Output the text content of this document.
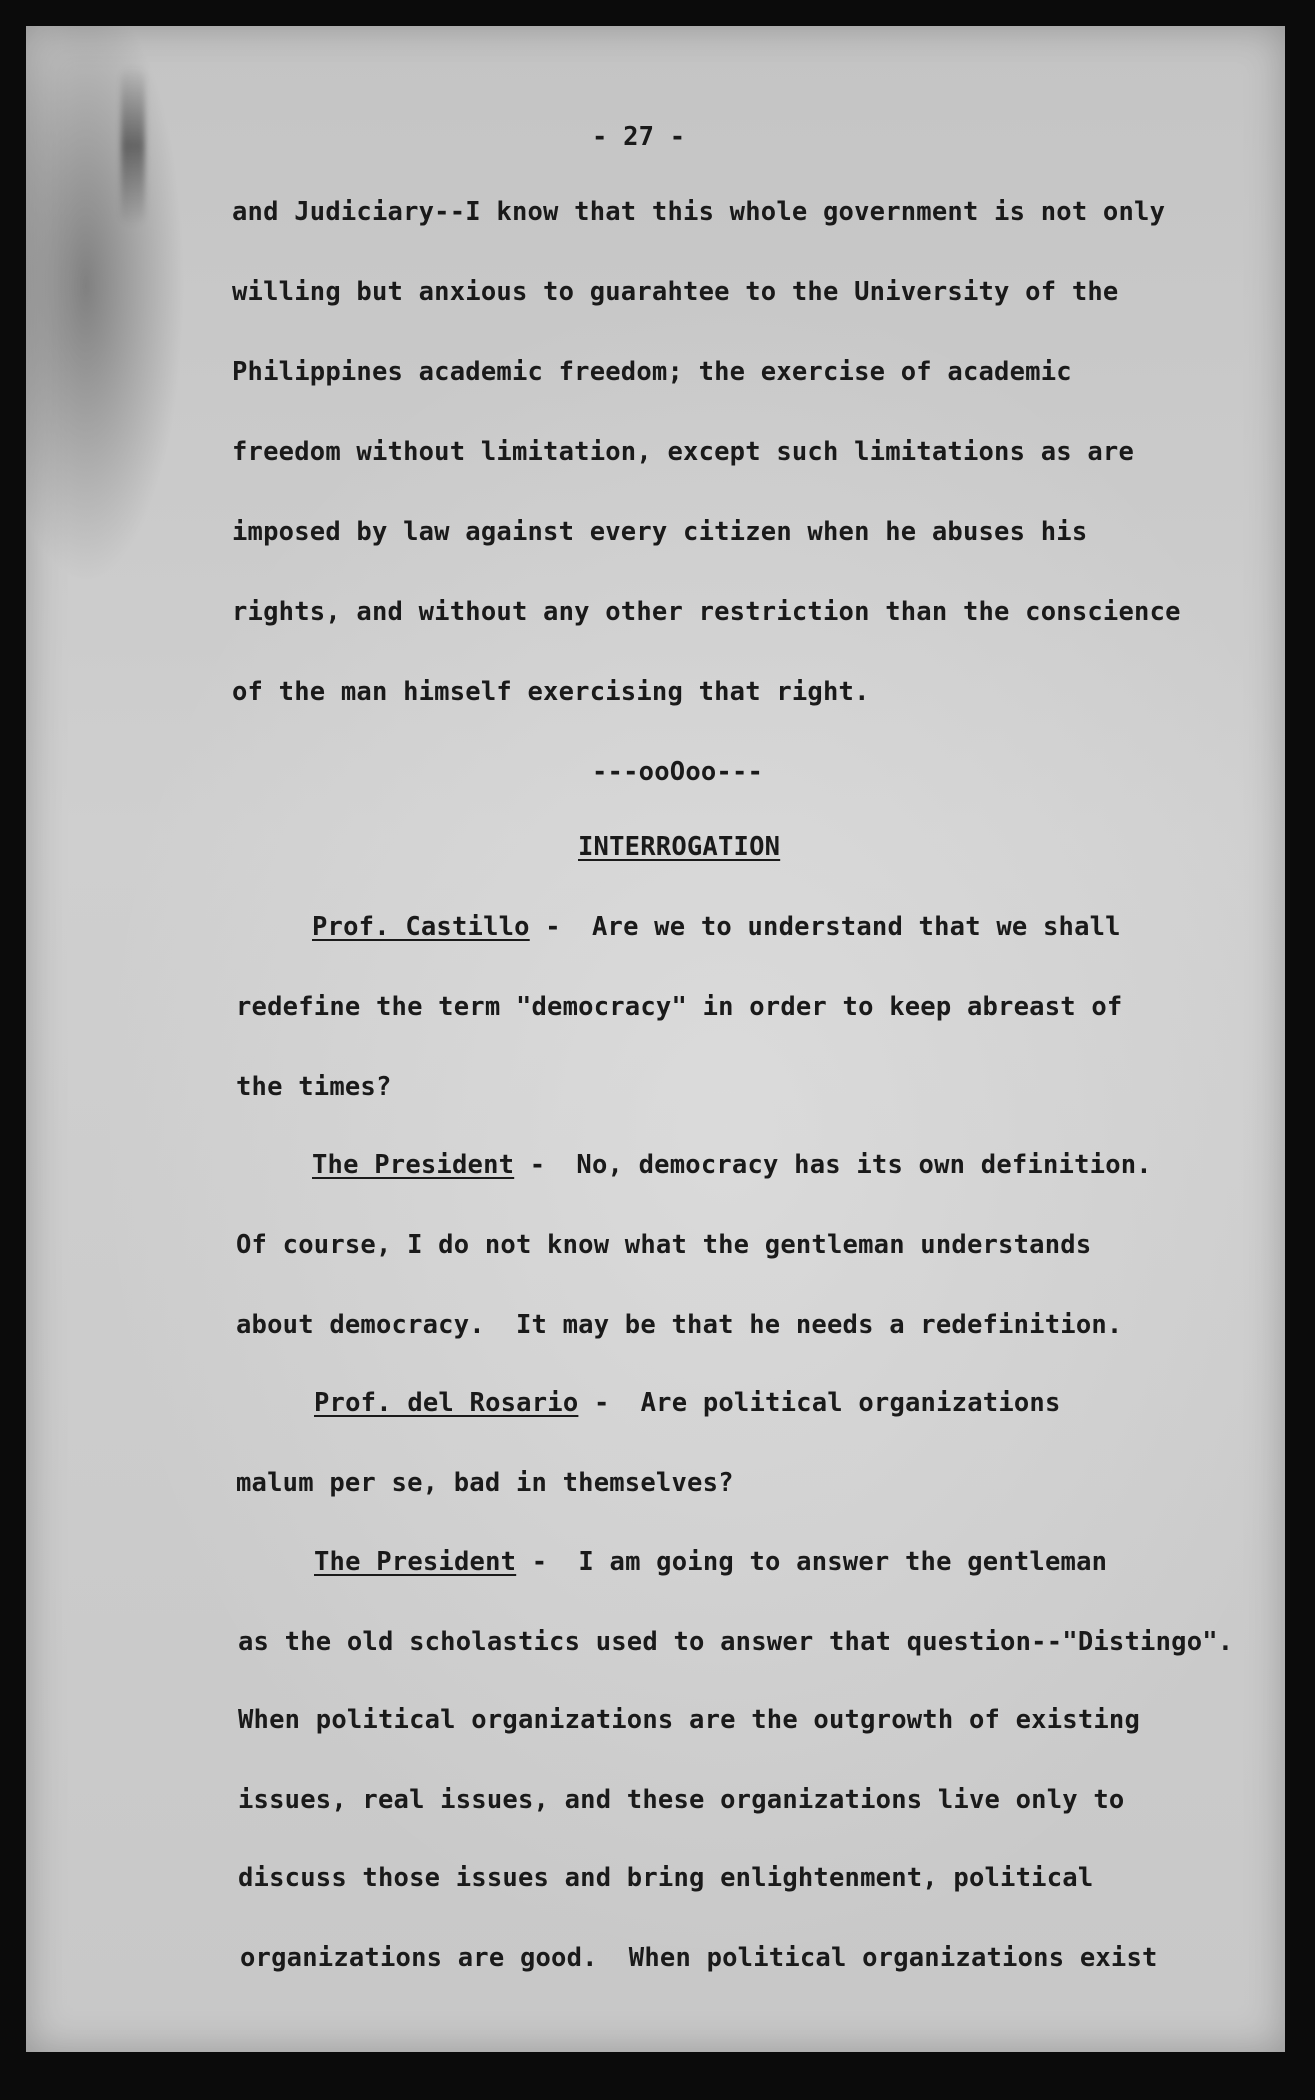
- 27 -
and Judiciary--I know that this whole government is not only
willing but anxious to guarahtee to the University of the
Philippines academic freedom; the exercise of academic
freedom without limitation, except such limitations as are
imposed by law against every citizen when he abuses his
rights, and without any other restriction than the conscience
of the man himself exercising that right.
---ooOoo---
INTERROGATION
Prof. Castillo -  Are we to understand that we shall
redefine the term "democracy" in order to keep abreast of
the times?
The President -  No, democracy has its own definition.
Of course, I do not know what the gentleman understands
about democracy.  It may be that he needs a redefinition.
Prof. del Rosario -  Are political organizations
malum per se, bad in themselves?
The President -  I am going to answer the gentleman
as the old scholastics used to answer that question--"Distingo".
When political organizations are the outgrowth of existing
issues, real issues, and these organizations live only to
discuss those issues and bring enlightenment, political
organizations are good.  When political organizations exist
